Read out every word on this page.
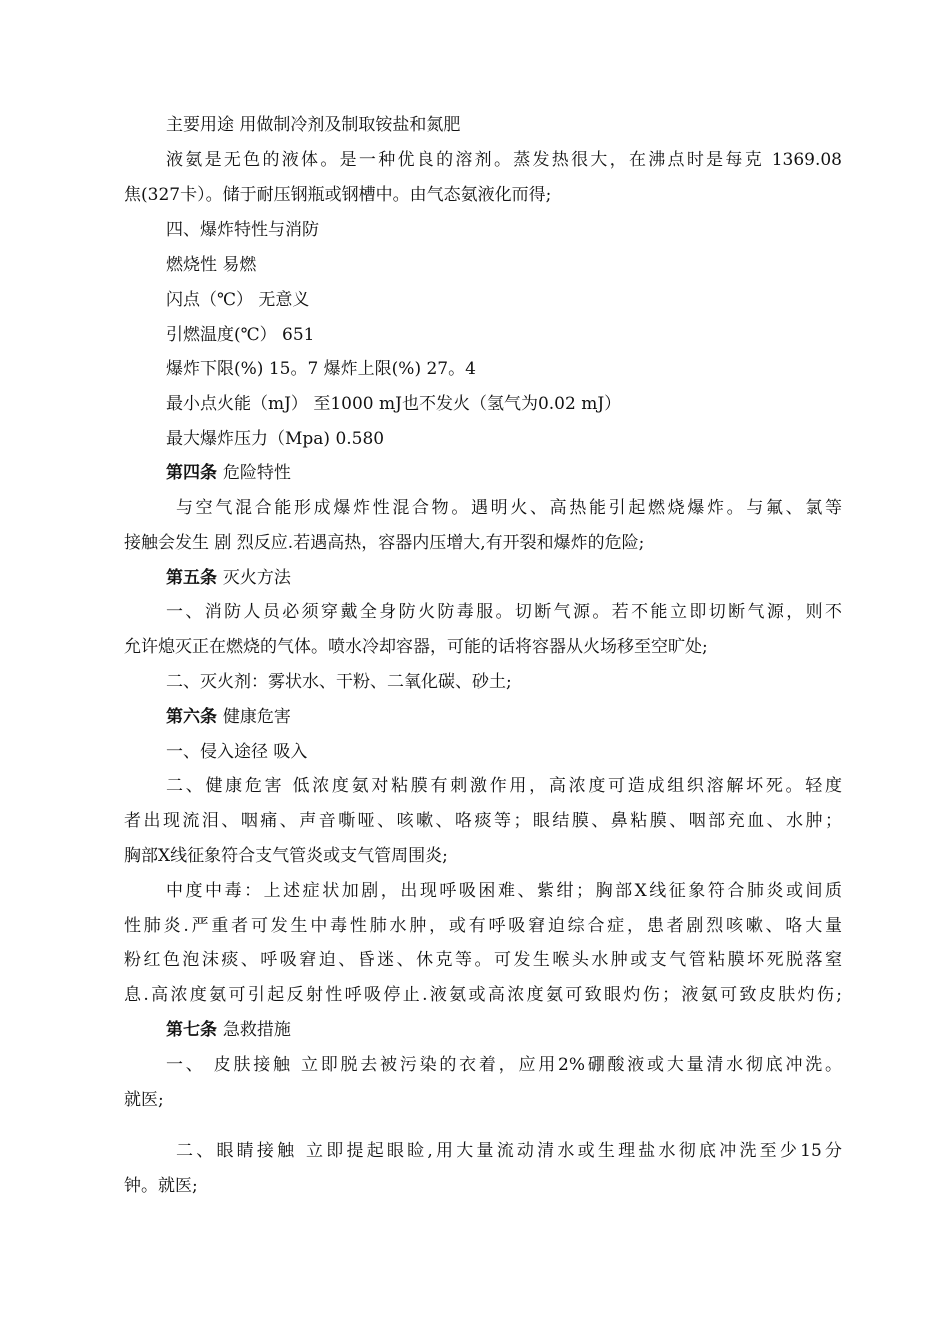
主要用途 用做制冷剂及制取铵盐和氮肥
液氨是无色的液体。是一种优良的溶剂。蒸发热很大，在沸点时是每克 1369.08
焦(327卡）。储于耐压钢瓶或钢槽中。由气态氨液化而得;
四、爆炸特性与消防
燃烧性 易燃
闪点（℃） 无意义
引燃温度(℃） 651
爆炸下限(%) 15。7 爆炸上限(%) 27。4
最小点火能（mJ） 至1000 mJ也不发火（氢气为0.02 mJ）
最大爆炸压力（Mpa) 0.580
第四条 危险特性
与空气混合能形成爆炸性混合物。遇明火、高热能引起燃烧爆炸。与氟、氯等
接触会发生 剧 烈反应.若遇高热，容器内压增大,有开裂和爆炸的危险;
第五条 灭火方法
一、消防人员必须穿戴全身防火防毒服。切断气源。若不能立即切断气源，则不
允许熄灭正在燃烧的气体。喷水冷却容器，可能的话将容器从火场移至空旷处;
二、灭火剂：雾状水、干粉、二氧化碳、砂土;
第六条 健康危害
一、侵入途径 吸入
二、健康危害 低浓度氨对粘膜有刺激作用，高浓度可造成组织溶解坏死。轻度
者出现流泪、咽痛、声音嘶哑、咳嗽、咯痰等；眼结膜、鼻粘膜、咽部充血、水肿；
胸部X线征象符合支气管炎或支气管周围炎;
中度中毒：上述症状加剧，出现呼吸困难、紫绀；胸部X线征象符合肺炎或间质
性肺炎.严重者可发生中毒性肺水肿，或有呼吸窘迫综合症，患者剧烈咳嗽、咯大量
粉红色泡沫痰、呼吸窘迫、昏迷、休克等。可发生喉头水肿或支气管粘膜坏死脱落窒
息.高浓度氨可引起反射性呼吸停止.液氨或高浓度氨可致眼灼伤；液氨可致皮肤灼伤;
第七条 急救措施
一、 皮肤接触 立即脱去被污染的衣着，应用2%硼酸液或大量清水彻底冲洗。
就医;
二、眼睛接触 立即提起眼睑,用大量流动清水或生理盐水彻底冲洗至少15分
钟。就医;
